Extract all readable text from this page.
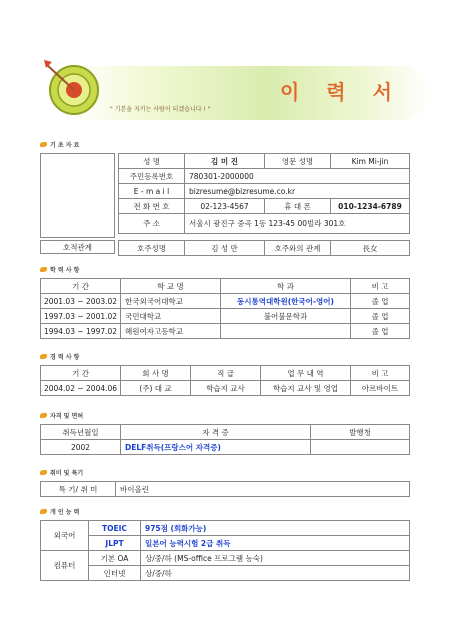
이 력 서
" 기본을 지키는 사람이 되겠습니다 ! "
기 초 자 료
성 명	김 미 진	영문 성명	Kim Mi-jin
주민등록번호	780301-2000000		
E - m a i l	bizresume@bizresume.co.kr		
전 화 번 호	02-123-4567	휴 대 폰	010-1234-6789
주 소	서울시 광진구 중곡 1동 123-45 00빌라 301호		
호적관계	호주성명	김 성 만	호주와의 관계	長女
학 력 사 항
기 간	학 교 명	학 과	비 고
2001.03 ~ 2003.02	한국외국어대학교	동시통역대학원(한국어-영어)	졸 업
1997.03 ~ 2001.02	국민대학교	불어불문학과	졸 업
1994.03 ~ 1997.02	혜원여자고등학교		졸 업
경 력 사 항
기 간	회 사 명	직 급	업 무 내 역	비 고
2004.02 ~ 2004.06	(주) 대 교	학습지 교사	학습지 교사 및 영업	아르바이트
자격 및 면허
취득년월일	자 격 증	발행청
2002	DELF취득(프랑스어 자격증)	
취미 및 특기
특 기/ 취 미	바이올린
개 인 능 력
외국어	TOEIC	975점 (회화가능)
	JLPT	일본어 능력시험 2급 취득
컴퓨터	기본 OA	상/중/하 (MS-office 프로그램 능숙)
	인터넷	상/중/하
